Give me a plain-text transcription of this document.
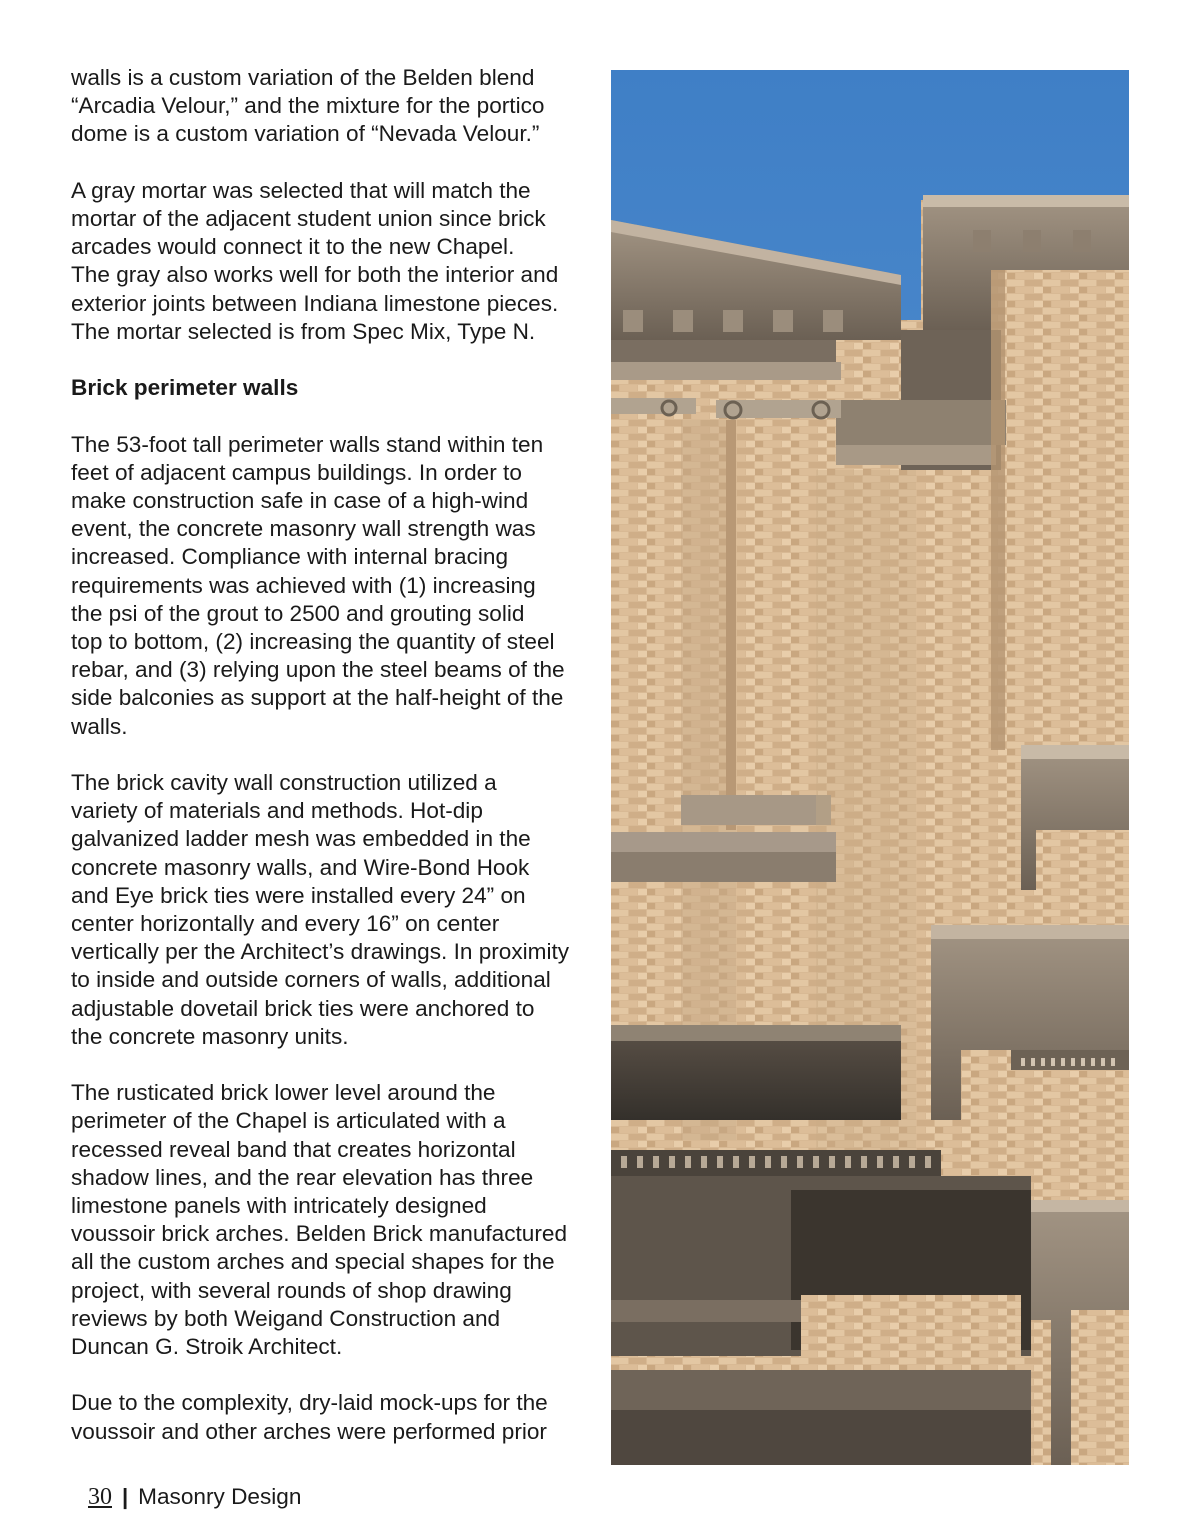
walls is a custom variation of the Belden blend
“Arcadia Velour,” and the mixture for the portico
dome is a custom variation of “Nevada Velour.”
A gray mortar was selected that will match the
mortar of the adjacent student union since brick
arcades would connect it to the new Chapel.
The gray also works well for both the interior and
exterior joints between Indiana limestone pieces.
The mortar selected is from Spec Mix, Type N.
Brick perimeter walls
The 53-foot tall perimeter walls stand within ten
feet of adjacent campus buildings. In order to
make construction safe in case of a high-wind
event, the concrete masonry wall strength was
increased. Compliance with internal bracing
requirements was achieved with (1) increasing
the psi of the grout to 2500 and grouting solid
top to bottom, (2) increasing the quantity of steel
rebar, and (3) relying upon the steel beams of the
side balconies as support at the half-height of the
walls.
The brick cavity wall construction utilized a
variety of materials and methods. Hot-dip
galvanized ladder mesh was embedded in the
concrete masonry walls, and Wire-Bond Hook
and Eye brick ties were installed every 24” on
center horizontally and every 16” on center
vertically per the Architect’s drawings. In proximity
to inside and outside corners of walls, additional
adjustable dovetail brick ties were anchored to
the concrete masonry units.
The rusticated brick lower level around the
perimeter of the Chapel is articulated with a
recessed reveal band that creates horizontal
shadow lines, and the rear elevation has three
limestone panels with intricately designed
voussoir brick arches. Belden Brick manufactured
all the custom arches and special shapes for the
project, with several rounds of shop drawing
reviews by both Weigand Construction and
Duncan G. Stroik Architect.
Due to the complexity, dry-laid mock-ups for the
voussoir and other arches were performed prior
30 | Masonry Design
